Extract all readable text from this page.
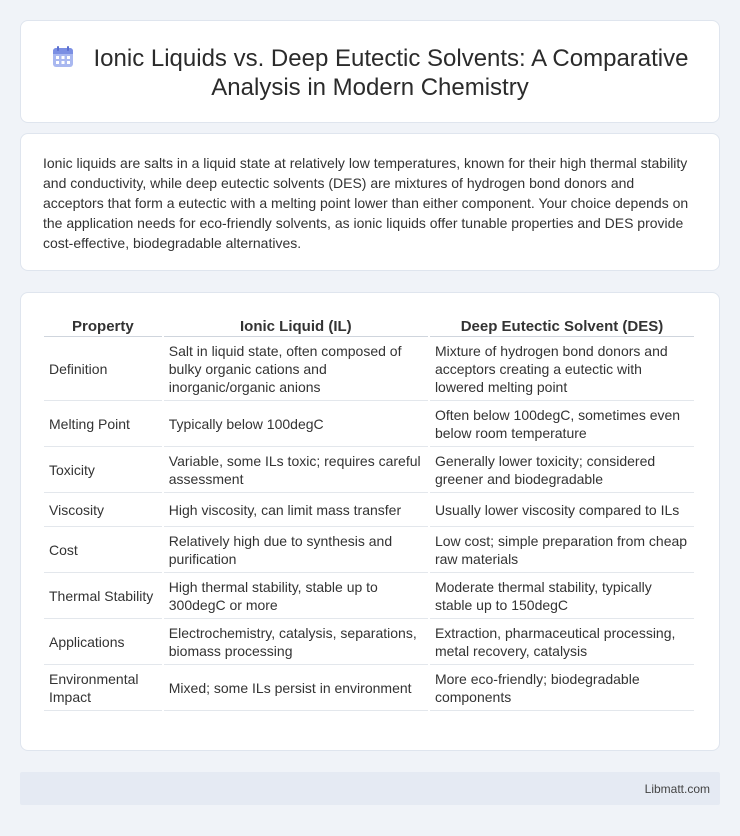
Ionic Liquids vs. Deep Eutectic Solvents: A Comparative Analysis in Modern Chemistry

Ionic liquids are salts in a liquid state at relatively low temperatures, known for their high thermal stability and conductivity, while deep eutectic solvents (DES) are mixtures of hydrogen bond donors and acceptors that form a eutectic with a melting point lower than either component. Your choice depends on the application needs for eco-friendly solvents, as ionic liquids offer tunable properties and DES provide cost-effective, biodegradable alternatives.

Property	Ionic Liquid (IL)	Deep Eutectic Solvent (DES)
Definition	Salt in liquid state, often composed of bulky organic cations and inorganic/organic anions	Mixture of hydrogen bond donors and acceptors creating a eutectic with lowered melting point
Melting Point	Typically below 100degC	Often below 100degC, sometimes even below room temperature
Toxicity	Variable, some ILs toxic; requires careful assessment	Generally lower toxicity; considered greener and biodegradable
Viscosity	High viscosity, can limit mass transfer	Usually lower viscosity compared to ILs
Cost	Relatively high due to synthesis and purification	Low cost; simple preparation from cheap raw materials
Thermal Stability	High thermal stability, stable up to 300degC or more	Moderate thermal stability, typically stable up to 150degC
Applications	Electrochemistry, catalysis, separations, biomass processing	Extraction, pharmaceutical processing, metal recovery, catalysis
Environmental Impact	Mixed; some ILs persist in environment	More eco-friendly; biodegradable components
Libmatt.com
